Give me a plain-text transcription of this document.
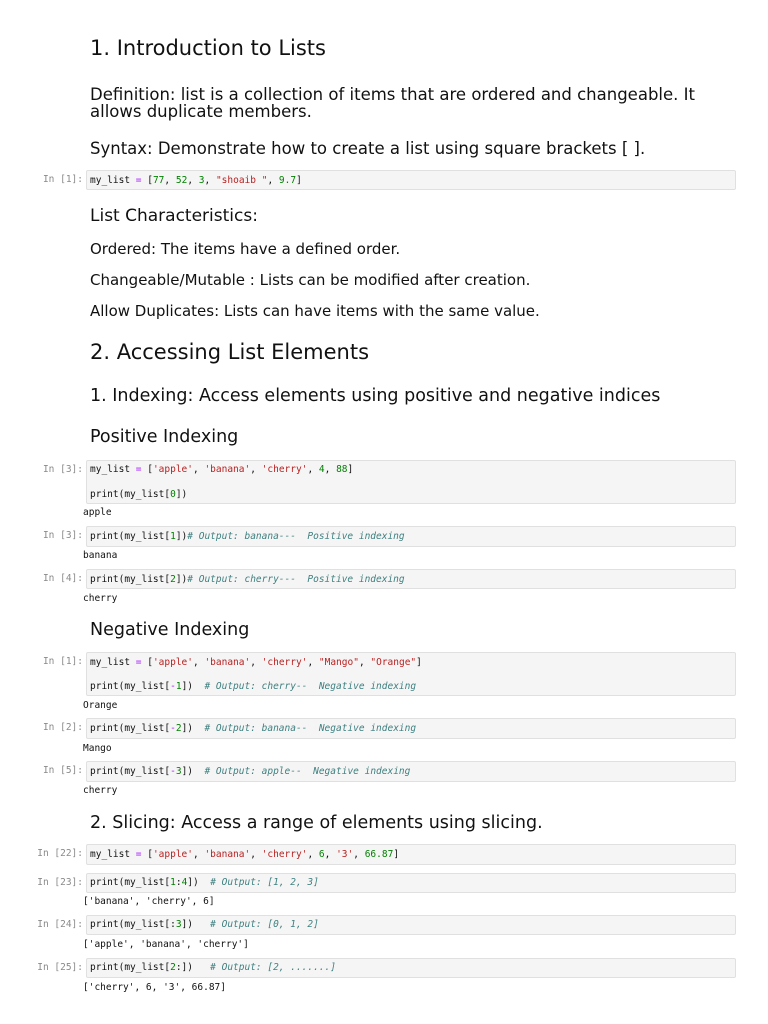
1. Introduction to Lists
Definition: list is a collection of items that are ordered and changeable. It
allows duplicate members.
Syntax: Demonstrate how to create a list using square brackets [ ].
List Characteristics:
Ordered: The items have a defined order.
Changeable/Mutable : Lists can be modified after creation.
Allow Duplicates: Lists can have items with the same value.
2. Accessing List Elements
1. Indexing: Access elements using positive and negative indices
Positive Indexing
Negative Indexing
2. Slicing: Access a range of elements using slicing.
In [1]: my_list = [77, 52, 3, "shoaib ", 9.7]
In [3]: my_list = ['apple', 'banana', 'cherry', 4, 88]
print(my_list[0])
apple
In [3]: print(my_list[1])# Output: banana---  Positive indexing
banana
In [4]: print(my_list[2])# Output: cherry---  Positive indexing
cherry
In [1]: my_list = ['apple', 'banana', 'cherry', "Mango", "Orange"]
print(my_list[-1])  # Output: cherry--  Negative indexing
Orange
In [2]: print(my_list[-2])  # Output: banana--  Negative indexing
Mango
In [5]: print(my_list[-3])  # Output: apple--  Negative indexing
cherry
In [22]: my_list = ['apple', 'banana', 'cherry', 6, '3', 66.87]
In [23]: print(my_list[1:4])  # Output: [1, 2, 3]
['banana', 'cherry', 6]
In [24]: print(my_list[:3])   # Output: [0, 1, 2]
['apple', 'banana', 'cherry']
In [25]: print(my_list[2:])   # Output: [2, .......]
['cherry', 6, '3', 66.87]
